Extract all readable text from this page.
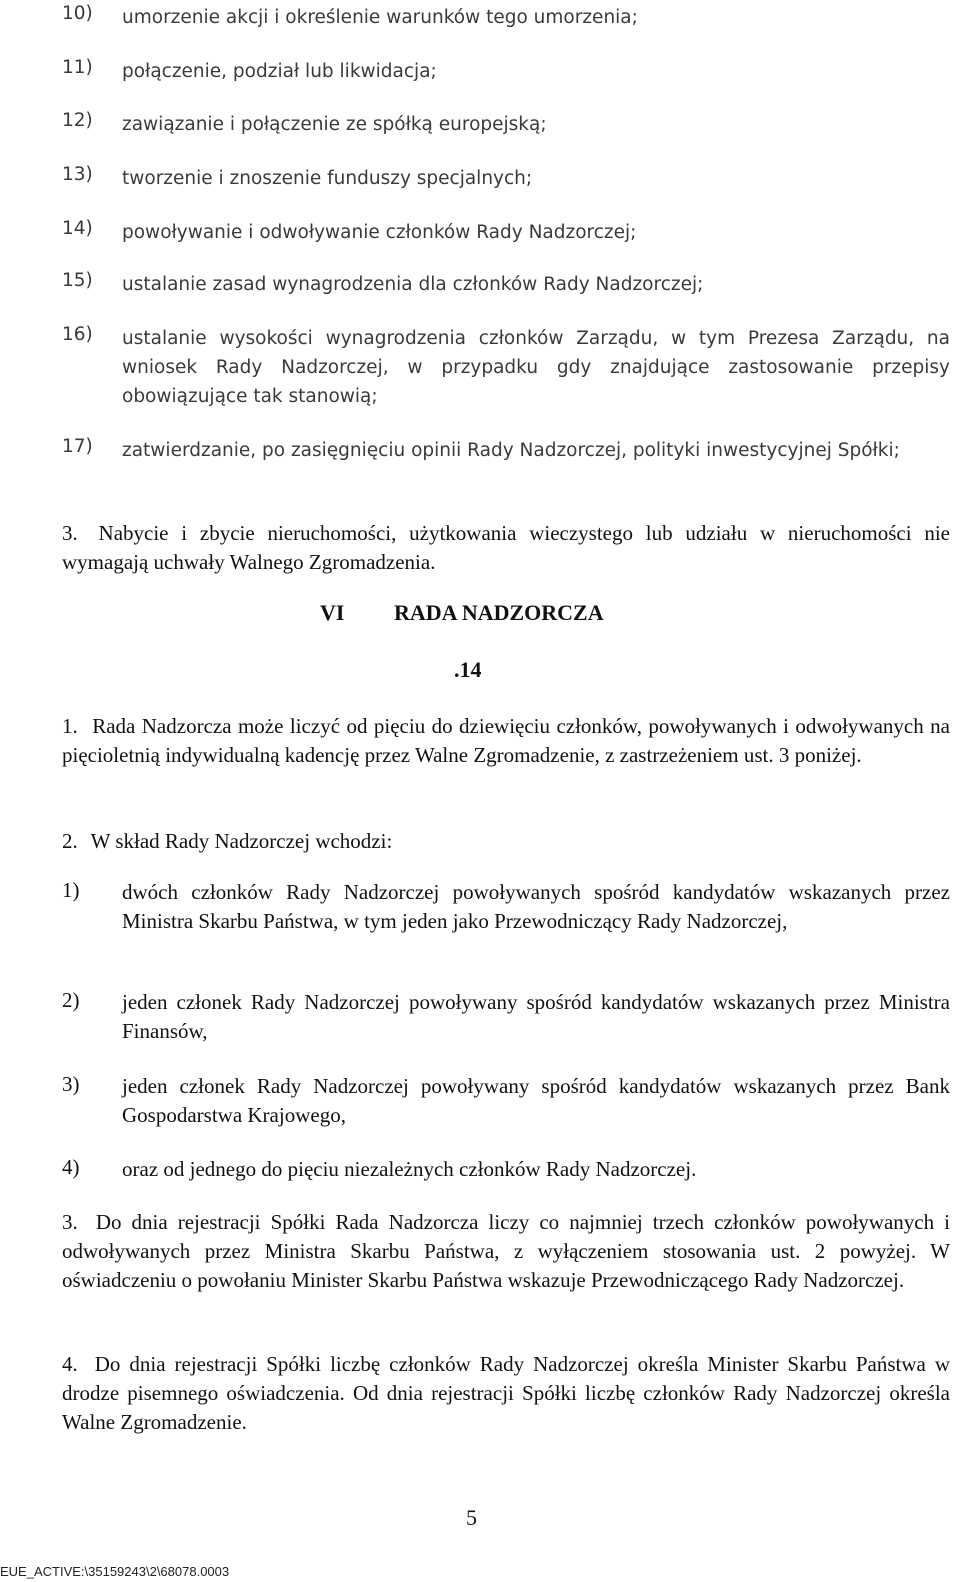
10) umorzenie akcji i określenie warunków tego umorzenia;
11) połączenie, podział lub likwidacja;
12) zawiązanie i połączenie ze spółką europejską;
13) tworzenie i znoszenie funduszy specjalnych;
14) powoływanie i odwoływanie członków Rady Nadzorczej;
15) ustalanie zasad wynagrodzenia dla członków Rady Nadzorczej;
16) ustalanie wysokości wynagrodzenia członków Zarządu, w tym Prezesa Zarządu, na wniosek Rady Nadzorczej, w przypadku gdy znajdujące zastosowanie przepisy obowiązujące tak stanowią;
17) zatwierdzanie, po zasięgnięciu opinii Rady Nadzorczej, polityki inwestycyjnej Spółki;
3. Nabycie i zbycie nieruchomości, użytkowania wieczystego lub udziału w nieruchomości nie wymagają uchwały Walnego Zgromadzenia.
VI RADA NADZORCZA
.14
1. Rada Nadzorcza może liczyć od pięciu do dziewięciu członków, powoływanych i odwoływanych na pięcioletnią indywidualną kadencję przez Walne Zgromadzenie, z zastrzeżeniem ust. 3 poniżej.
2. W skład Rady Nadzorczej wchodzi:
1) dwóch członków Rady Nadzorczej powoływanych spośród kandydatów wskazanych przez Ministra Skarbu Państwa, w tym jeden jako Przewodniczący Rady Nadzorczej,
2) jeden członek Rady Nadzorczej powoływany spośród kandydatów wskazanych przez Ministra Finansów,
3) jeden członek Rady Nadzorczej powoływany spośród kandydatów wskazanych przez Bank Gospodarstwa Krajowego,
4) oraz od jednego do pięciu niezależnych członków Rady Nadzorczej.
3. Do dnia rejestracji Spółki Rada Nadzorcza liczy co najmniej trzech członków powoływanych i odwoływanych przez Ministra Skarbu Państwa, z wyłączeniem stosowania ust. 2 powyżej. W oświadczeniu o powołaniu Minister Skarbu Państwa wskazuje Przewodniczącego Rady Nadzorczej.
4. Do dnia rejestracji Spółki liczbę członków Rady Nadzorczej określa Minister Skarbu Państwa w drodze pisemnego oświadczenia. Od dnia rejestracji Spółki liczbę członków Rady Nadzorczej określa Walne Zgromadzenie.
5
EUE_ACTIVE:\35159243\2\68078.0003
